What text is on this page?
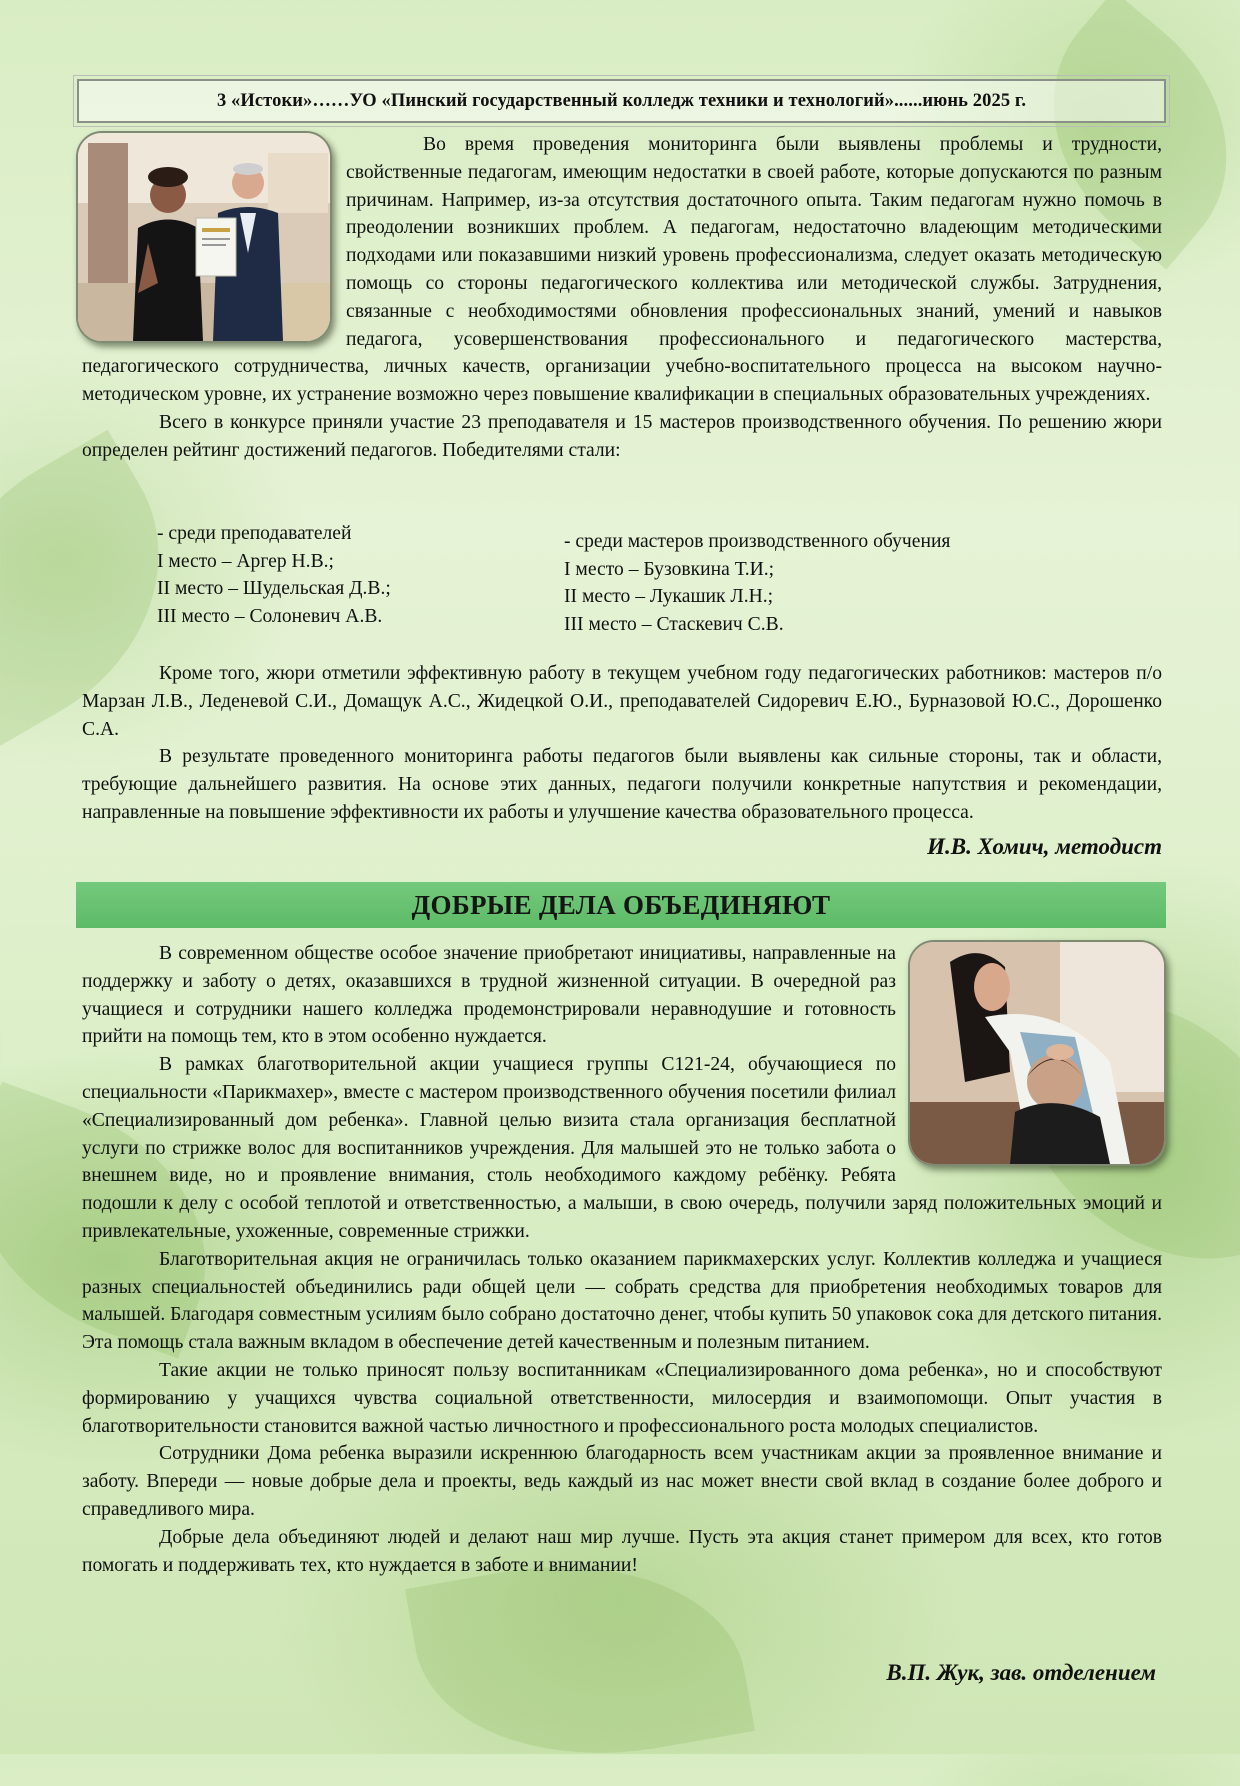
3 «Истоки»……УО «Пинский государственный колледж техники и технологий»......июнь 2025 г.

Во время проведения мониторинга были выявлены проблемы и трудности, свойственные педагогам, имеющим недостатки в своей работе, которые допускаются по разным причинам. Например, из-за отсутствия достаточного опыта. Таким педагогам нужно помочь в преодолении возникших проблем. А педагогам, недостаточно владеющим методическими подходами или показавшими низкий уровень профессионализма, следует оказать методическую помощь со стороны педагогического коллектива или методической службы. Затруднения, связанные с необходимостями обновления профессиональных знаний, умений и навыков педагога, усовершенствования профессионального и педагогического мастерства, педагогического сотрудничества, личных качеств, организации учебно-воспитательного процесса на высоком научно-методическом уровне, их устранение возможно через повышение квалификации в специальных образовательных учреждениях.

Всего в конкурсе приняли участие 23 преподавателя и 15 мастеров производственного обучения. По решению жюри определен рейтинг достижений педагогов. Победителями стали:

- среди преподавателей
I место – Аргер Н.В.;
II место – Шудельская Д.В.;
III место – Солоневич А.В.
- среди мастеров производственного обучения
I место – Бузовкина Т.И.;
II место – Лукашик Л.Н.;
III место – Стаскевич С.В.

Кроме того, жюри отметили эффективную работу в текущем учебном году педагогических работников: мастеров п/о Марзан Л.В., Леденевой С.И., Домащук А.С., Жидецкой О.И., преподавателей Сидоревич Е.Ю., Бурназовой Ю.С., Дорошенко С.А.

В результате проведенного мониторинга работы педагогов были выявлены как сильные стороны, так и области, требующие дальнейшего развития. На основе этих данных, педагоги получили конкретные напутствия и рекомендации, направленные на повышение эффективности их работы и улучшение качества образовательного процесса.

И.В. Хомич, методист
ДОБРЫЕ ДЕЛА ОБЪЕДИНЯЮТ

В современном обществе особое значение приобретают инициативы, направленные на поддержку и заботу о детях, оказавшихся в трудной жизненной ситуации. В очередной раз учащиеся и сотрудники нашего колледжа продемонстрировали неравнодушие и готовность прийти на помощь тем, кто в этом особенно нуждается.

В рамках благотворительной акции учащиеся группы С121-24, обучающиеся по специальности «Парикмахер», вместе с мастером производственного обучения посетили филиал «Специализированный дом ребенка». Главной целью визита стала организация бесплатной услуги по стрижке волос для воспитанников учреждения. Для малышей это не только забота о внешнем виде, но и проявление внимания, столь необходимого каждому ребёнку. Ребята подошли к делу с особой теплотой и ответственностью, а малыши, в свою очередь, получили заряд положительных эмоций и привлекательные, ухоженные, современные стрижки.

Благотворительная акция не ограничилась только оказанием парикмахерских услуг. Коллектив колледжа и учащиеся разных специальностей объединились ради общей цели — собрать средства для приобретения необходимых товаров для малышей. Благодаря совместным усилиям было собрано достаточно денег, чтобы купить 50 упаковок сока для детского питания. Эта помощь стала важным вкладом в обеспечение детей качественным и полезным питанием.

Такие акции не только приносят пользу воспитанникам «Специализированного дома ребенка», но и способствуют формированию у учащихся чувства социальной ответственности, милосердия и взаимопомощи. Опыт участия в благотворительности становится важной частью личностного и профессионального роста молодых специалистов.

Сотрудники Дома ребенка выразили искреннюю благодарность всем участникам акции за проявленное внимание и заботу. Впереди — новые добрые дела и проекты, ведь каждый из нас может внести свой вклад в создание более доброго и справедливого мира.

Добрые дела объединяют людей и делают наш мир лучше. Пусть эта акция станет примером для всех, кто готов помогать и поддерживать тех, кто нуждается в заботе и внимании!

В.П. Жук, зав. отделением
